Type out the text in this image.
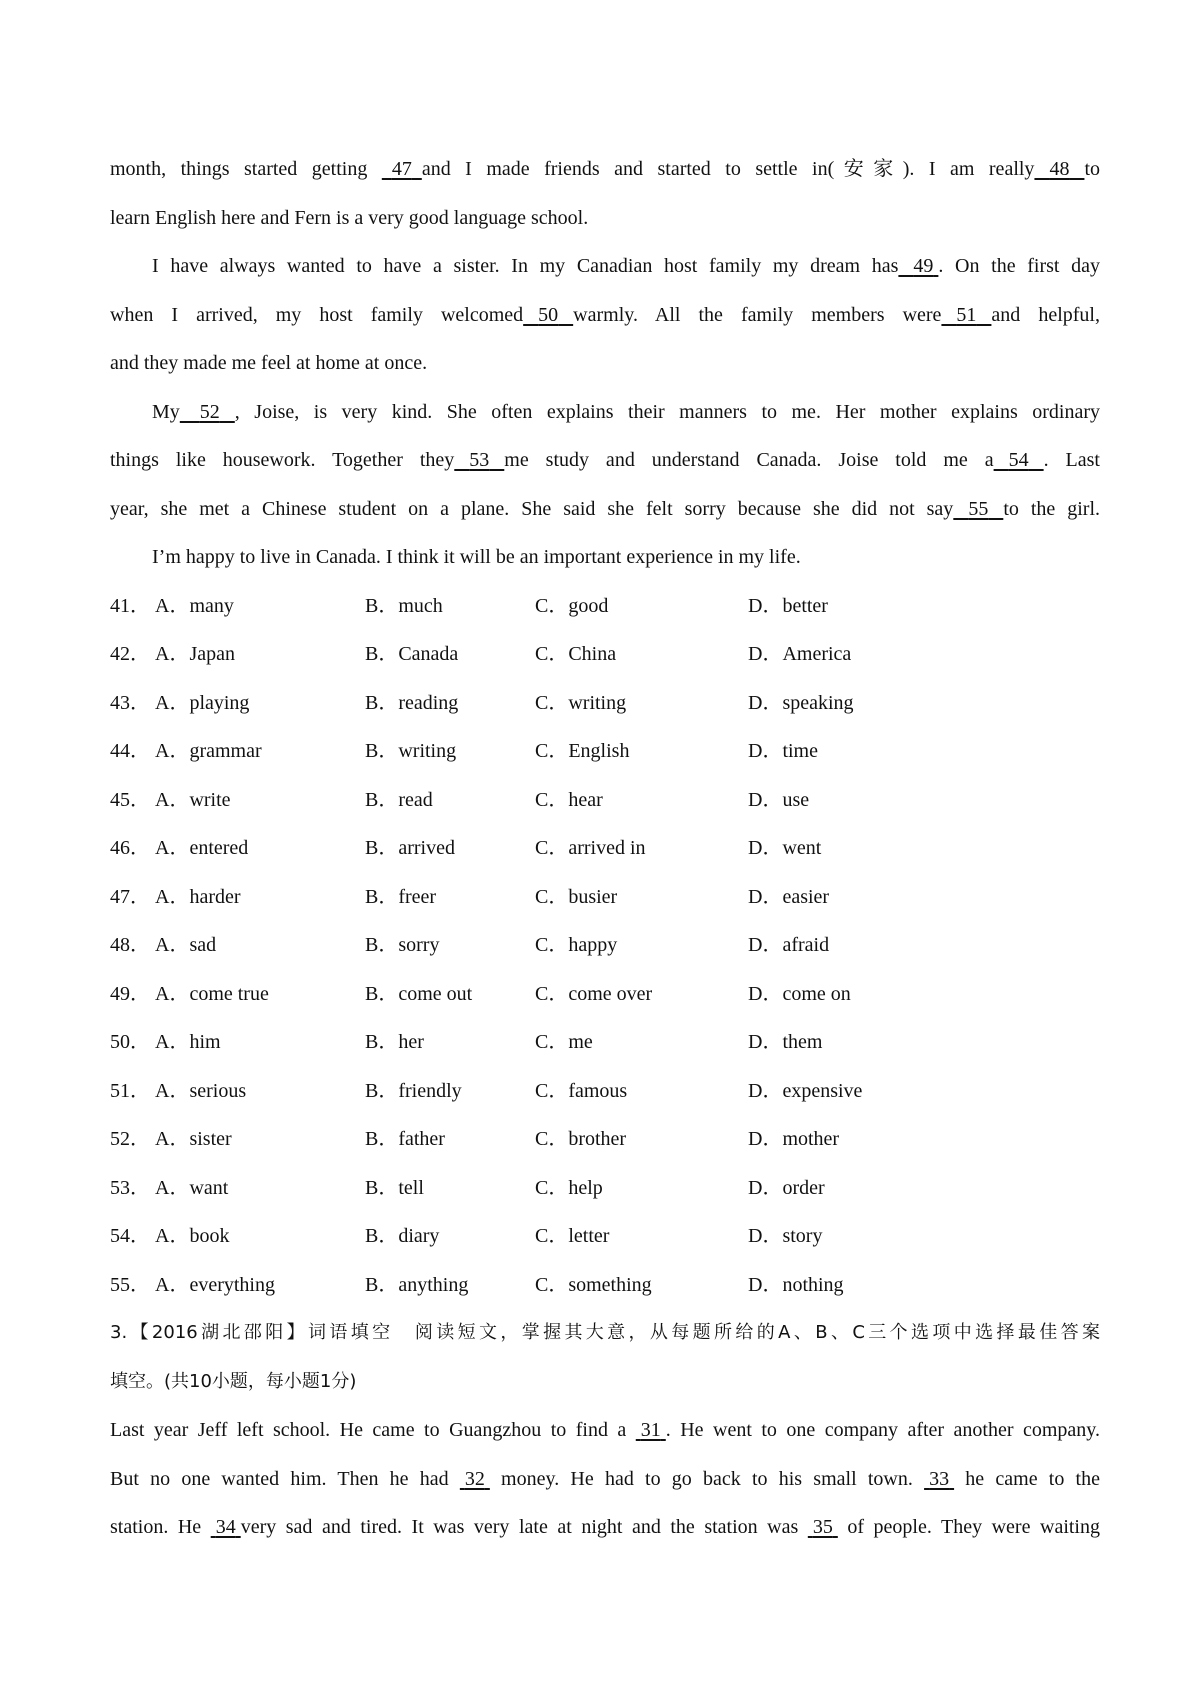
month, things started getting   47 and I made friends and started to settle in(安家). I am really 48 to
learn English here and Fern is a very good language school.
I have always wanted to have a sister. In my Canadian host family my dream has 49 . On the first day
when I arrived, my host family welcomed 50 warmly. All the family members were 51 and helpful,
and they made me feel at home at once.
My 52 , Joise, is very kind. She often explains their manners to me. Her mother explains ordinary
things like housework. Together they 53 me study and understand Canada. Joise told me a 54 . Last
year, she met a Chinese student on a plane. She said she felt sorry because she did not say 55 to the girl.
I’m happy to live in Canada. I think it will be an important experience in my life.
41． A．many	B．much	C．good	D．better
42． A．Japan	B．Canada	C．China	D．America
43． A．playing	B．reading	C．writing	D．speaking
44． A．grammar	B．writing	C．English	D．time
45． A．write	B．read	C．hear	D．use
46． A．entered	B．arrived	C．arrived in	D．went
47． A．harder	B．freer	C．busier	D．easier
48． A．sad	B．sorry	C．happy	D．afraid
49． A．come true	B．come out	C．come over	D．come on
50． A．him	B．her	C．me	D．them
51． A．serious	B．friendly	C．famous	D．expensive
52． A．sister	B．father	C．brother	D．mother
53． A．want	B．tell	C．help	D．order
54． A．book	B．diary	C．letter	D．story
55． A．everything	B．anything	C．something	D．nothing
3.【2016湖北邵阳】词语填空　阅读短文，掌握其大意，从每题所给的A、B、C三个选项中选择最佳答案
填空。(共10小题，每小题1分)
Last year Jeff left school. He came to Guangzhou to find a  31 . He went to one company after another company.
But no one wanted him. Then he had  32  money. He had to go back to his small town.  33  he came to the
station. He  34 very sad and tired. It was very late at night and the station was  35  of people. They were waiting
